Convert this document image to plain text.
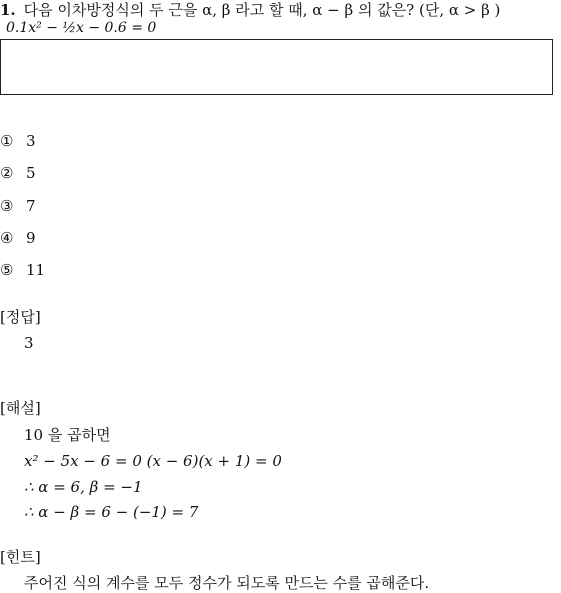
1. 다음 이차방정식의 두 근을 α, β 라고 할 때, α − β 의 값은? (단, α > β )
0.1x² − ½x − 0.6 = 0
① 3
② 5
③ 7
④ 9
⑤ 11
[정답]
3
[해설]
10 을 곱하면
x² − 5x − 6 = 0 (x − 6)(x + 1) = 0
∴ α = 6, β = −1
∴ α − β = 6 − (−1) = 7
[힌트]
주어진 식의 계수를 모두 정수가 되도록 만드는 수를 곱해준다.
